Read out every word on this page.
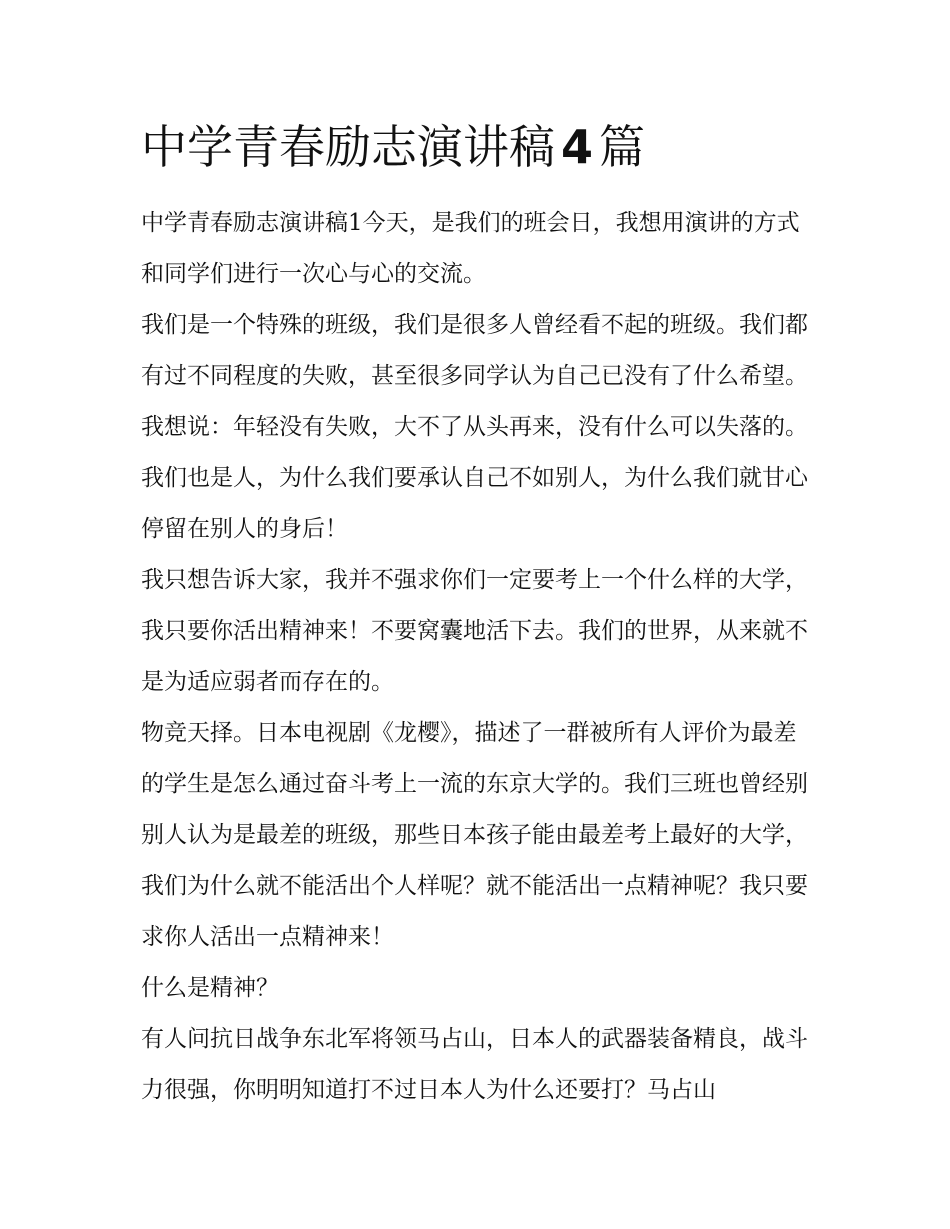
中学青春励志演讲稿 4 篇

中学青春励志演讲稿1今天，是我们的班会日，我想用演讲的方式和同学们进行一次心与心的交流。

我们是一个特殊的班级，我们是很多人曾经看不起的班级。我们都有过不同程度的失败，甚至很多同学认为自己已没有了什么希望。我想说：年轻没有失败，大不了从头再来，没有什么可以失落的。我们也是人，为什么我们要承认自己不如别人，为什么我们就甘心停留在别人的身后！

我只想告诉大家，我并不强求你们一定要考上一个什么样的大学，我只要你活出精神来！不要窝囊地活下去。我们的世界，从来就不是为适应弱者而存在的。

物竞天择。日本电视剧《龙樱》，描述了一群被所有人评价为最差的学生是怎么通过奋斗考上一流的东京大学的。我们三班也曾经别别人认为是最差的班级，那些日本孩子能由最差考上最好的大学，我们为什么就不能活出个人样呢？就不能活出一点精神呢？我只要求你人活出一点精神来！

什么是精神？

有人问抗日战争东北军将领马占山，日本人的武器装备精良，战斗力很强，你明明知道打不过日本人为什么还要打？马占山
